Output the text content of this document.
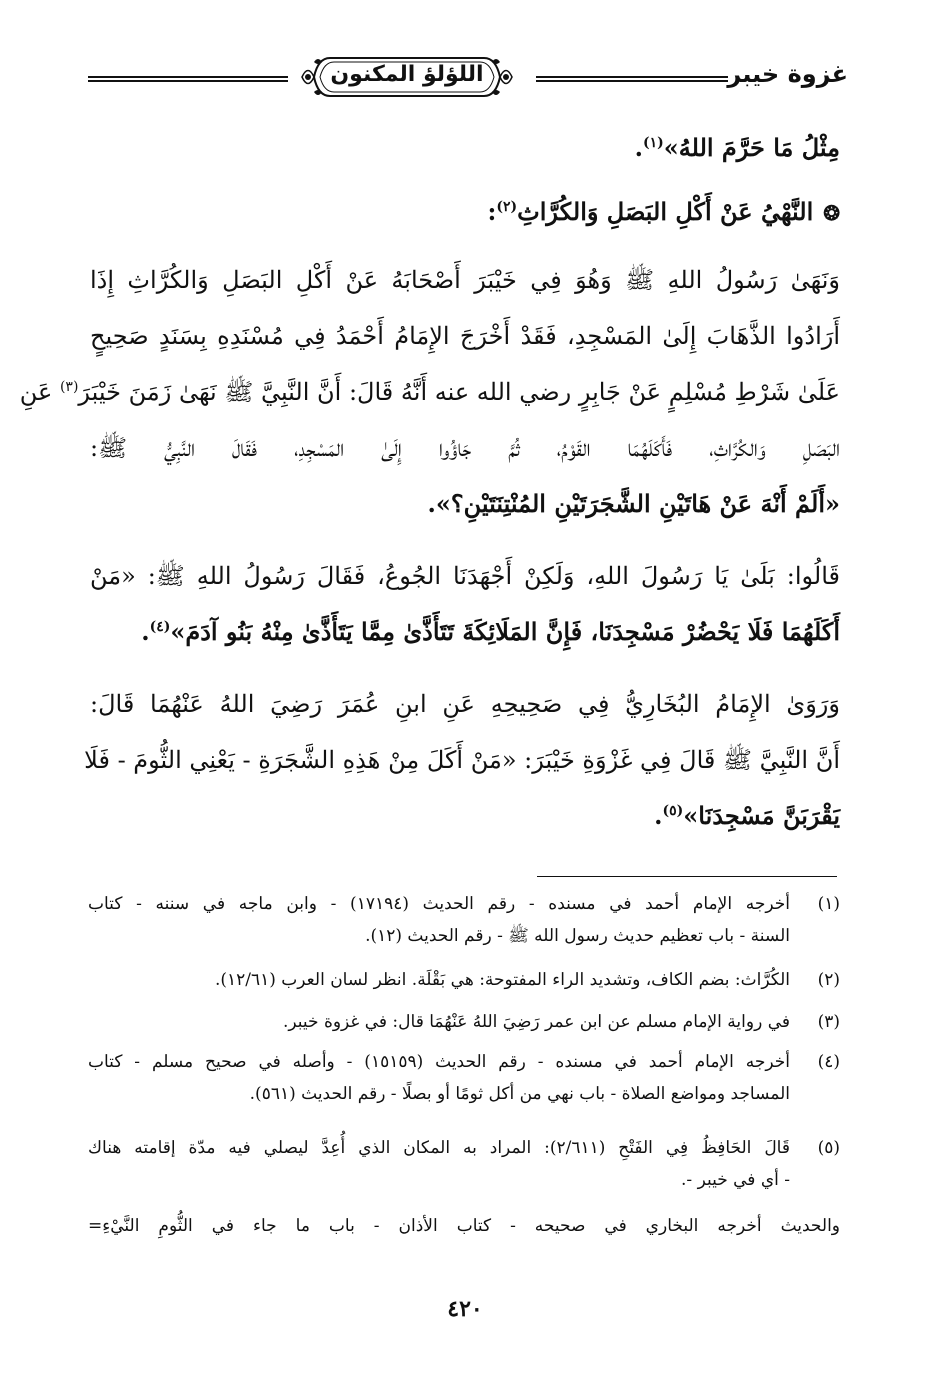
غزوة خيبر
اللؤلؤ المكنون
مِثْلُ مَا حَرَّمَ اللهُ»$^{(١)}$.
❂النَّهْيُ عَنْ أَكْلِ البَصَلِ وَالكُرَّاثِ$^{(٢)}$:
وَنَهَىٰ رَسُولُ اللهِ ﷺ وَهُوَ فِي خَيْبَرَ أَصْحَابَهُ عَنْ أَكْلِ البَصَلِ وَالكُرَّاثِ إِذَا
أَرَادُوا الذَّهَابَ إِلَىٰ المَسْجِدِ، فَقَدْ أَخْرَجَ الإِمَامُ أَحْمَدُ فِي مُسْنَدِهِ بِسَنَدٍ صَحِيحٍ
عَلَىٰ شَرْطِ مُسْلِمٍ عَنْ جَابِرٍ رضي الله عنه أَنَّهُ قَالَ: أَنَّ النَّبِيَّ ﷺ نَهَىٰ زَمَنَ خَيْبَرَ$^{(٣)}$ عَنِ
البَصَلِ وَالكُرَّاثِ، فَأَكَلَهُمَا القَوْمُ، ثُمَّ جَاؤُوا إِلَىٰ المَسْجِدِ، فَقَالَ النَّبِيُّ ﷺ:
«أَلَمْ أَنْهَ عَنْ هَاتَيْنِ الشَّجَرَتَيْنِ المُنْتِنَتَيْنِ؟».
قَالُوا: بَلَىٰ يَا رَسُولَ اللهِ، وَلَكِنْ أَجْهَدَنَا الجُوعُ، فَقَالَ رَسُولُ اللهِ ﷺ: «مَنْ
أَكَلَهُمَا فَلَا يَحْضُرْ مَسْجِدَنَا، فَإِنَّ المَلَائِكَةَ تَتَأَذَّىٰ مِمَّا يَتَأَذَّىٰ مِنْهُ بَنُو آدَمَ»$^{(٤)}$.
وَرَوَىٰ الإِمَامُ البُخَارِيُّ فِي صَحِيحِهِ عَنِ ابنِ عُمَرَ رَضِيَ اللهُ عَنْهُمَا قَالَ:
أَنَّ النَّبِيَّ ﷺ قَالَ فِي غَزْوَةِ خَيْبَرَ: «مَنْ أَكَلَ مِنْ هَذِهِ الشَّجَرَةِ - يَعْنِي الثُّومَ - فَلَا
يَقْرَبَنَّ مَسْجِدَنَا»$^{(٥)}$.
(١)
أخرجه الإمام أحمد في مسنده - رقم الحديث (١٧١٩٤) - وابن ماجه في سننه - كتاب
السنة - باب تعظيم حديث رسول الله ﷺ - رقم الحديث (١٢).
(٢)
الكُرَّاث: بضم الكاف، وتشديد الراء المفتوحة: هي بَقْلَة. انظر لسان العرب (١٢/٦١).
(٣)
في رواية الإمام مسلم عن ابن عمر رَضِيَ اللهُ عَنْهُمَا قال: في غزوة خيبر.
(٤)
أخرجه الإمام أحمد في مسنده - رقم الحديث (١٥١٥٩) - وأصله في صحيح مسلم - كتاب
المساجد ومواضع الصلاة - باب نهي من أكل ثومًا أو بصلًا - رقم الحديث (٥٦١).
(٥)
قَالَ الحَافِظُ فِي الفَتْحِ (٢/٦١١): المراد به المكان الذي أُعِدَّ ليصلي فيه مدّة إقامته هناك
- أي في خيبر -.
والحديث أخرجه البخاري في صحيحه - كتاب الأذان - باب ما جاء في الثُّومِ النَّيْءِ=
٤٢٠
